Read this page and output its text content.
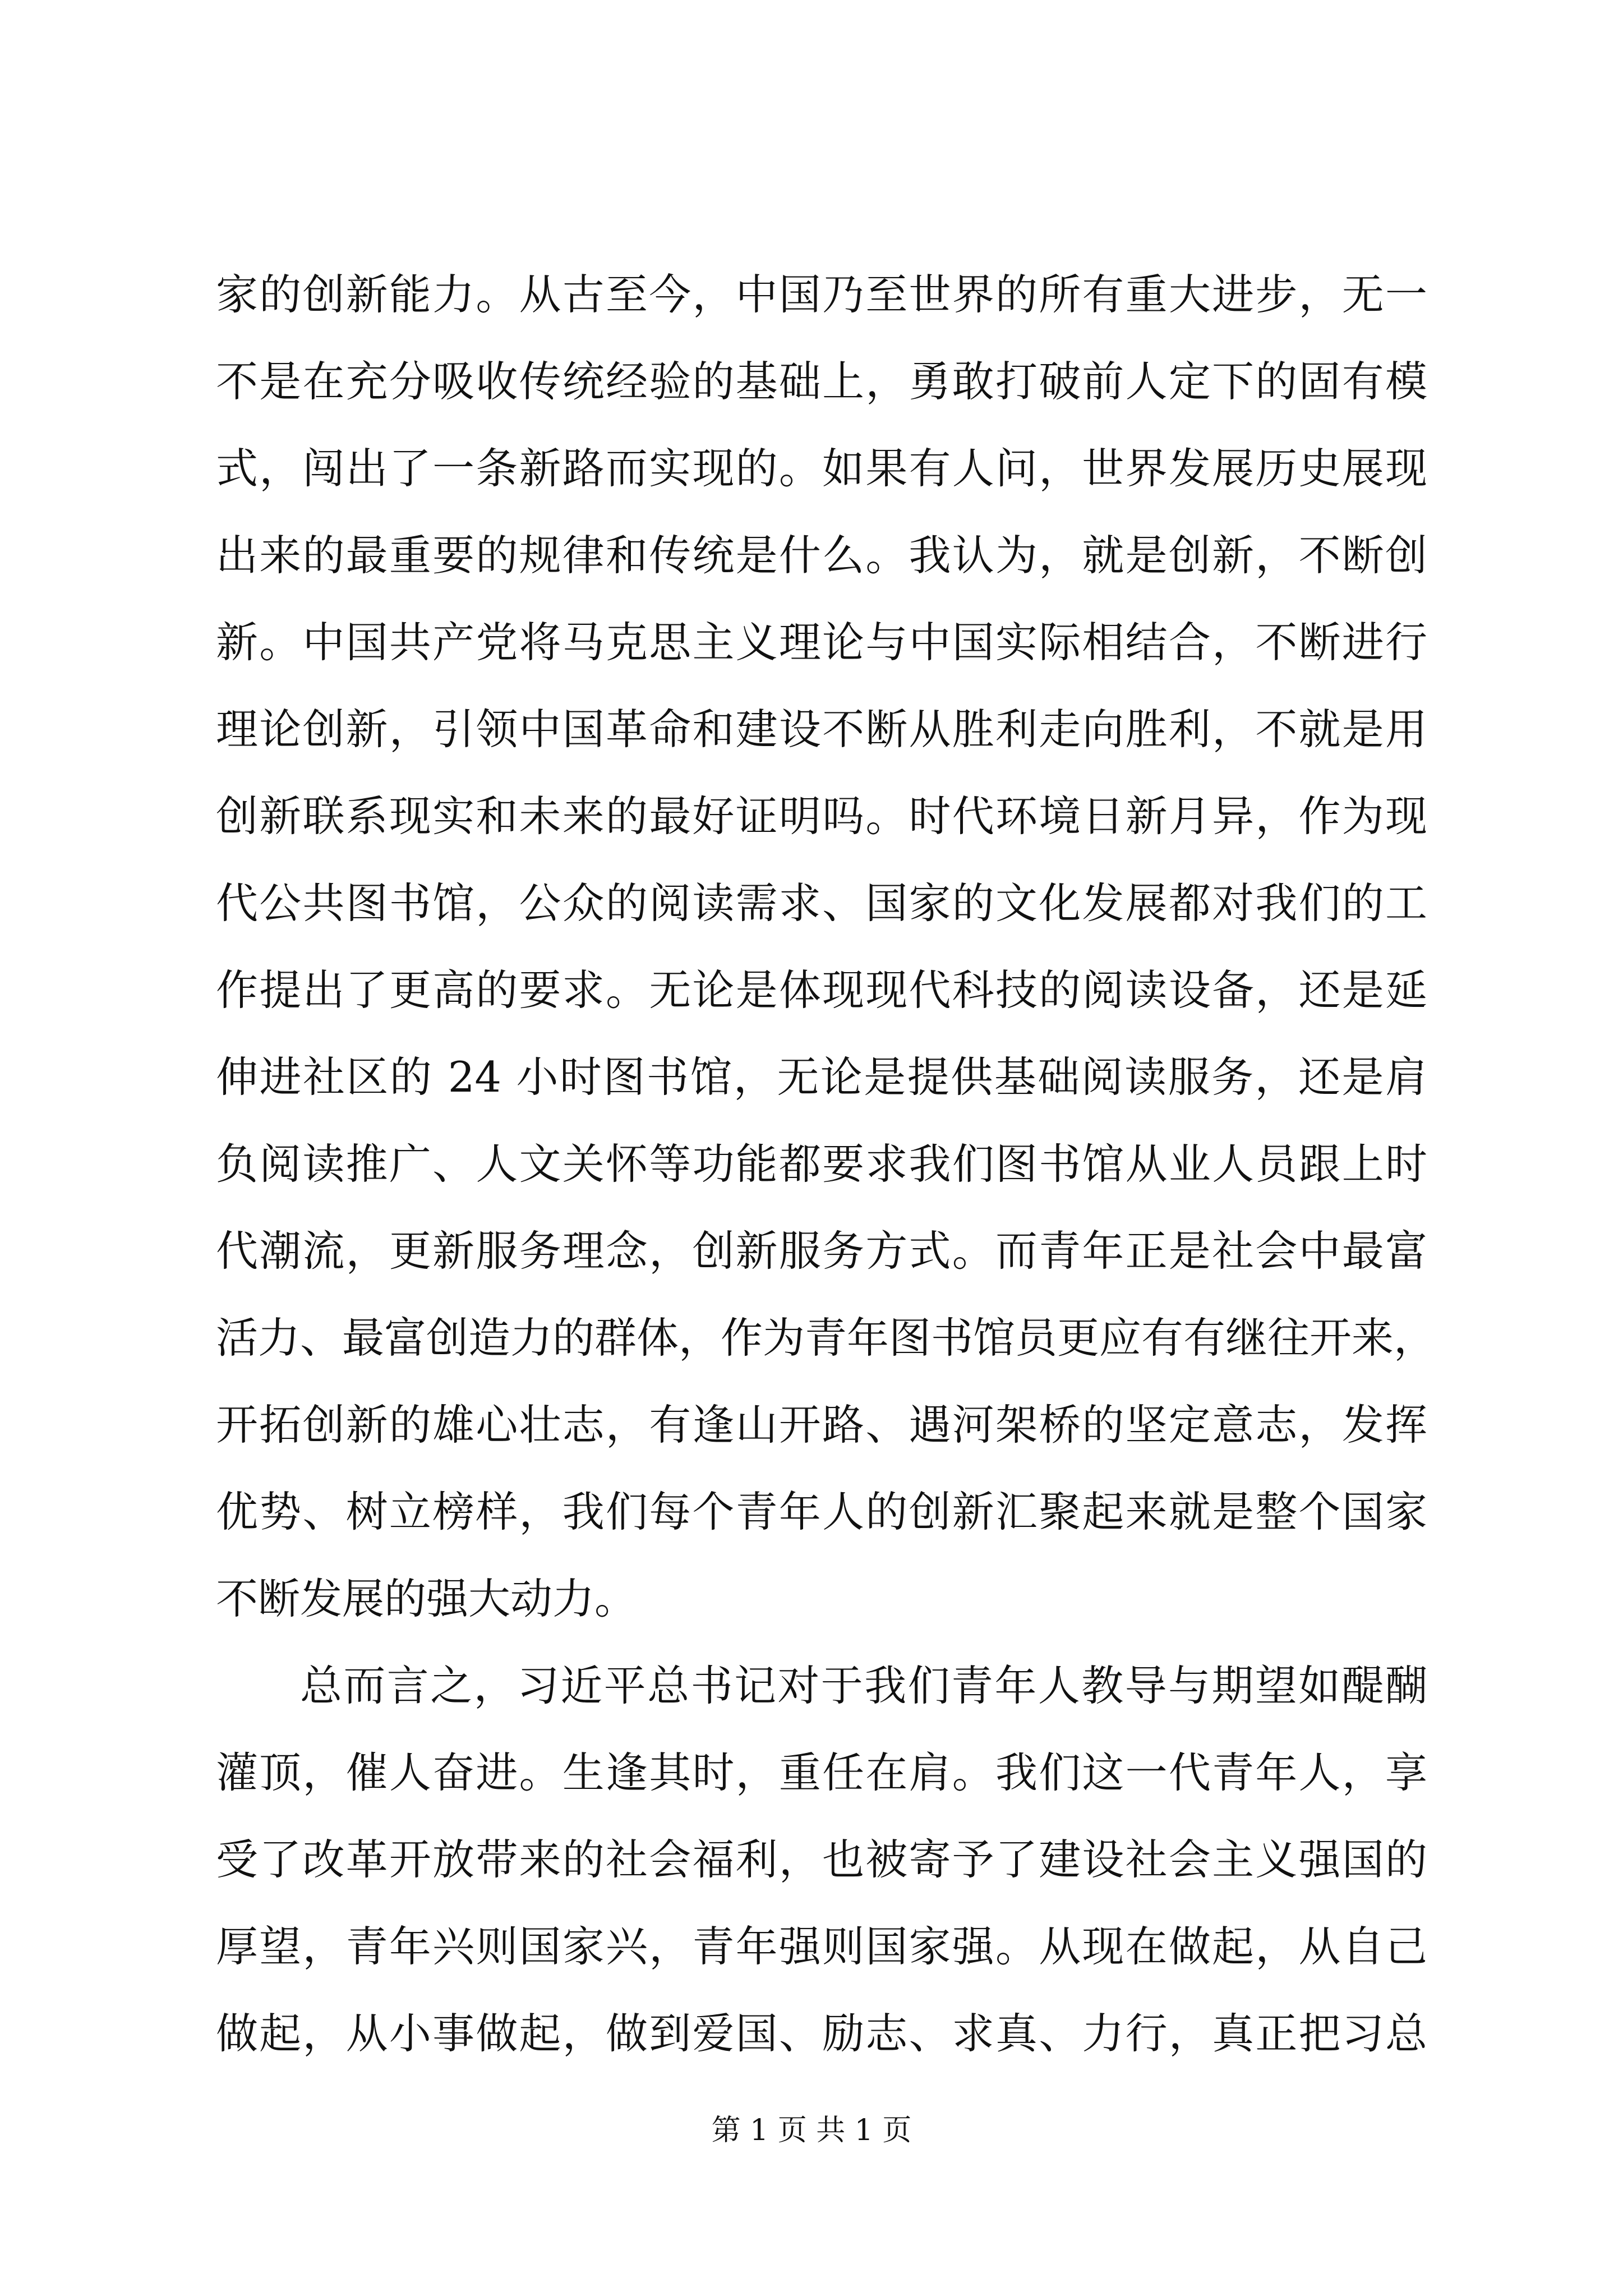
家的创新能力。从古至今，中国乃至世界的所有重大进步，无一
不是在充分吸收传统经验的基础上，勇敢打破前人定下的固有模
式，闯出了一条新路而实现的。如果有人问，世界发展历史展现
出来的最重要的规律和传统是什么。我认为，就是创新，不断创
新。中国共产党将马克思主义理论与中国实际相结合，不断进行
理论创新，引领中国革命和建设不断从胜利走向胜利，不就是用
创新联系现实和未来的最好证明吗。时代环境日新月异，作为现
代公共图书馆，公众的阅读需求、国家的文化发展都对我们的工
作提出了更高的要求。无论是体现现代科技的阅读设备，还是延
伸进社区的 24 小时图书馆，无论是提供基础阅读服务，还是肩
负阅读推广、人文关怀等功能都要求我们图书馆从业人员跟上时
代潮流，更新服务理念，创新服务方式。而青年正是社会中最富
活力、最富创造力的群体，作为青年图书馆员更应有有继往开来，
开拓创新的雄心壮志，有逢山开路、遇河架桥的坚定意志，发挥
优势、树立榜样，我们每个青年人的创新汇聚起来就是整个国家
不断发展的强大动力。
总而言之，习近平总书记对于我们青年人教导与期望如醍醐
灌顶，催人奋进。生逢其时，重任在肩。我们这一代青年人，享
受了改革开放带来的社会福利，也被寄予了建设社会主义强国的
厚望，青年兴则国家兴，青年强则国家强。从现在做起，从自己
做起，从小事做起，做到爱国、励志、求真、力行，真正把习总
第 1 页 共 1 页
